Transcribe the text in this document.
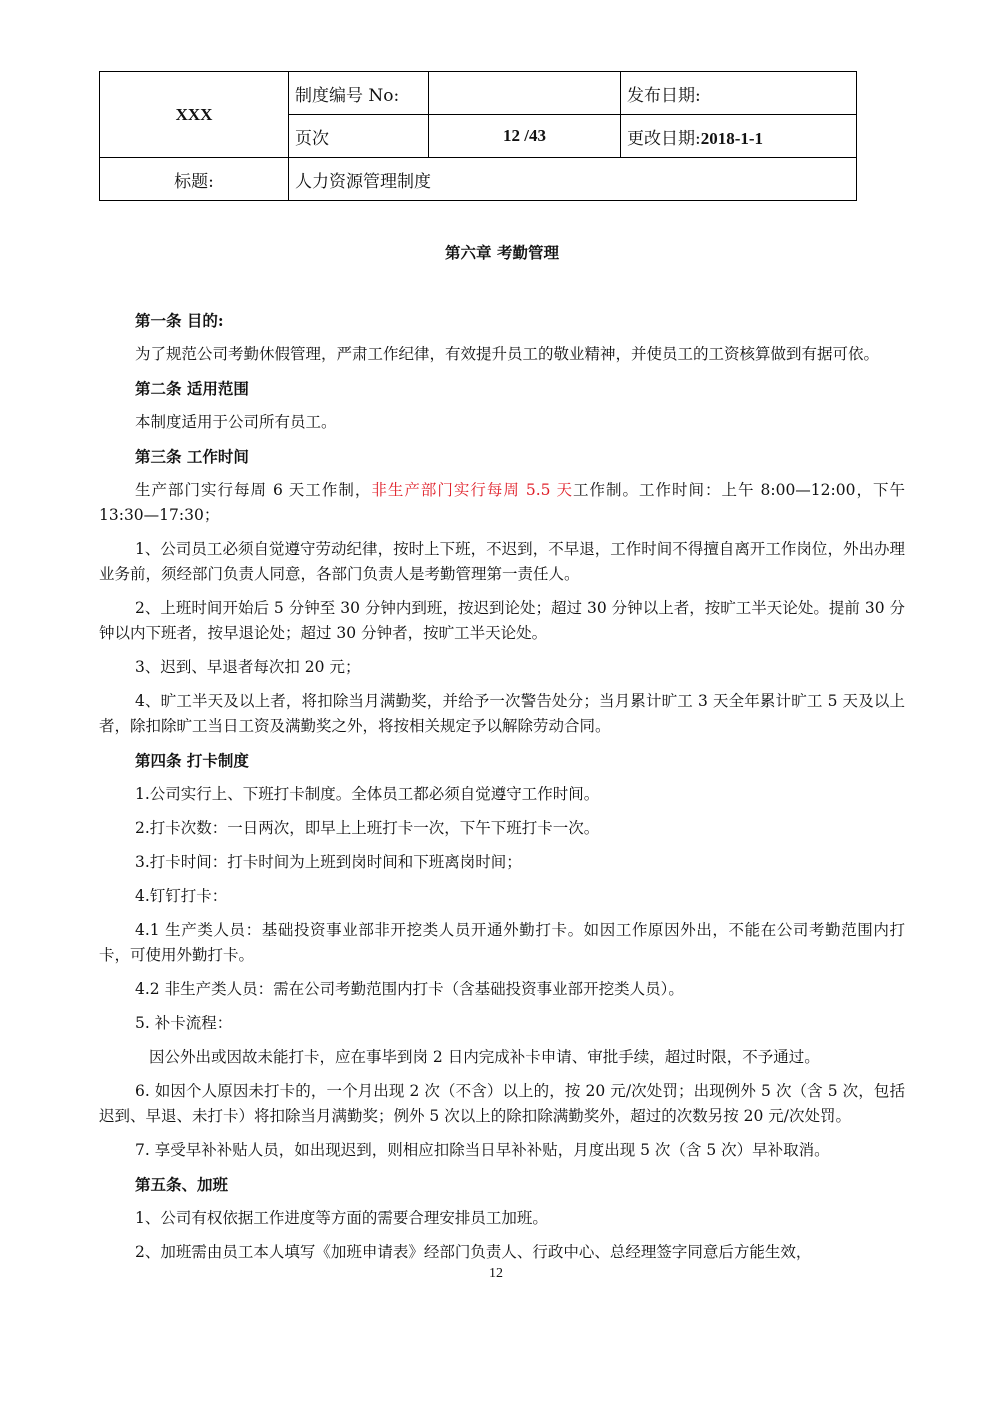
XXX	制度编号 No:		发布日期:
	页次	12 /43	更改日期:2018-1-1
标题:	人力资源管理制度		
第六章 考勤管理
第一条 目的:
为了规范公司考勤休假管理，严肃工作纪律，有效提升员工的敬业精神，并使员工的工资核算做到有据可依。
第二条 适用范围
本制度适用于公司所有员工。
第三条 工作时间
生产部门实行每周 6 天工作制，非生产部门实行每周 5.5 天工作制。工作时间：上午 8:00—12:00，下午 13:30—17:30；
1、公司员工必须自觉遵守劳动纪律，按时上下班，不迟到，不早退，工作时间不得擅自离开工作岗位，外出办理业务前，须经部门负责人同意，各部门负责人是考勤管理第一责任人。
2、上班时间开始后 5 分钟至 30 分钟内到班，按迟到论处；超过 30 分钟以上者，按旷工半天论处。提前 30 分钟以内下班者，按早退论处；超过 30 分钟者，按旷工半天论处。
3、迟到、早退者每次扣 20 元；
4、旷工半天及以上者，将扣除当月满勤奖，并给予一次警告处分；当月累计旷工 3 天全年累计旷工 5 天及以上者，除扣除旷工当日工资及满勤奖之外，将按相关规定予以解除劳动合同。
第四条 打卡制度
1.公司实行上、下班打卡制度。全体员工都必须自觉遵守工作时间。
2.打卡次数：一日两次，即早上上班打卡一次，下午下班打卡一次。
3.打卡时间：打卡时间为上班到岗时间和下班离岗时间；
4.钉钉打卡：
4.1 生产类人员：基础投资事业部非开挖类人员开通外勤打卡。如因工作原因外出，不能在公司考勤范围内打卡，可使用外勤打卡。
4.2 非生产类人员：需在公司考勤范围内打卡（含基础投资事业部开挖类人员）。
5. 补卡流程：
因公外出或因故未能打卡，应在事毕到岗 2 日内完成补卡申请、审批手续，超过时限，不予通过。
6. 如因个人原因未打卡的，一个月出现 2 次（不含）以上的，按 20 元/次处罚；出现例外 5 次（含 5 次，包括迟到、早退、未打卡）将扣除当月满勤奖；例外 5 次以上的除扣除满勤奖外，超过的次数另按 20 元/次处罚。
7. 享受早补补贴人员，如出现迟到，则相应扣除当日早补补贴，月度出现 5 次（含 5 次）早补取消。
第五条、加班
1、公司有权依据工作进度等方面的需要合理安排员工加班。
2、加班需由员工本人填写《加班申请表》经部门负责人、行政中心、总经理签字同意后方能生效，
12
